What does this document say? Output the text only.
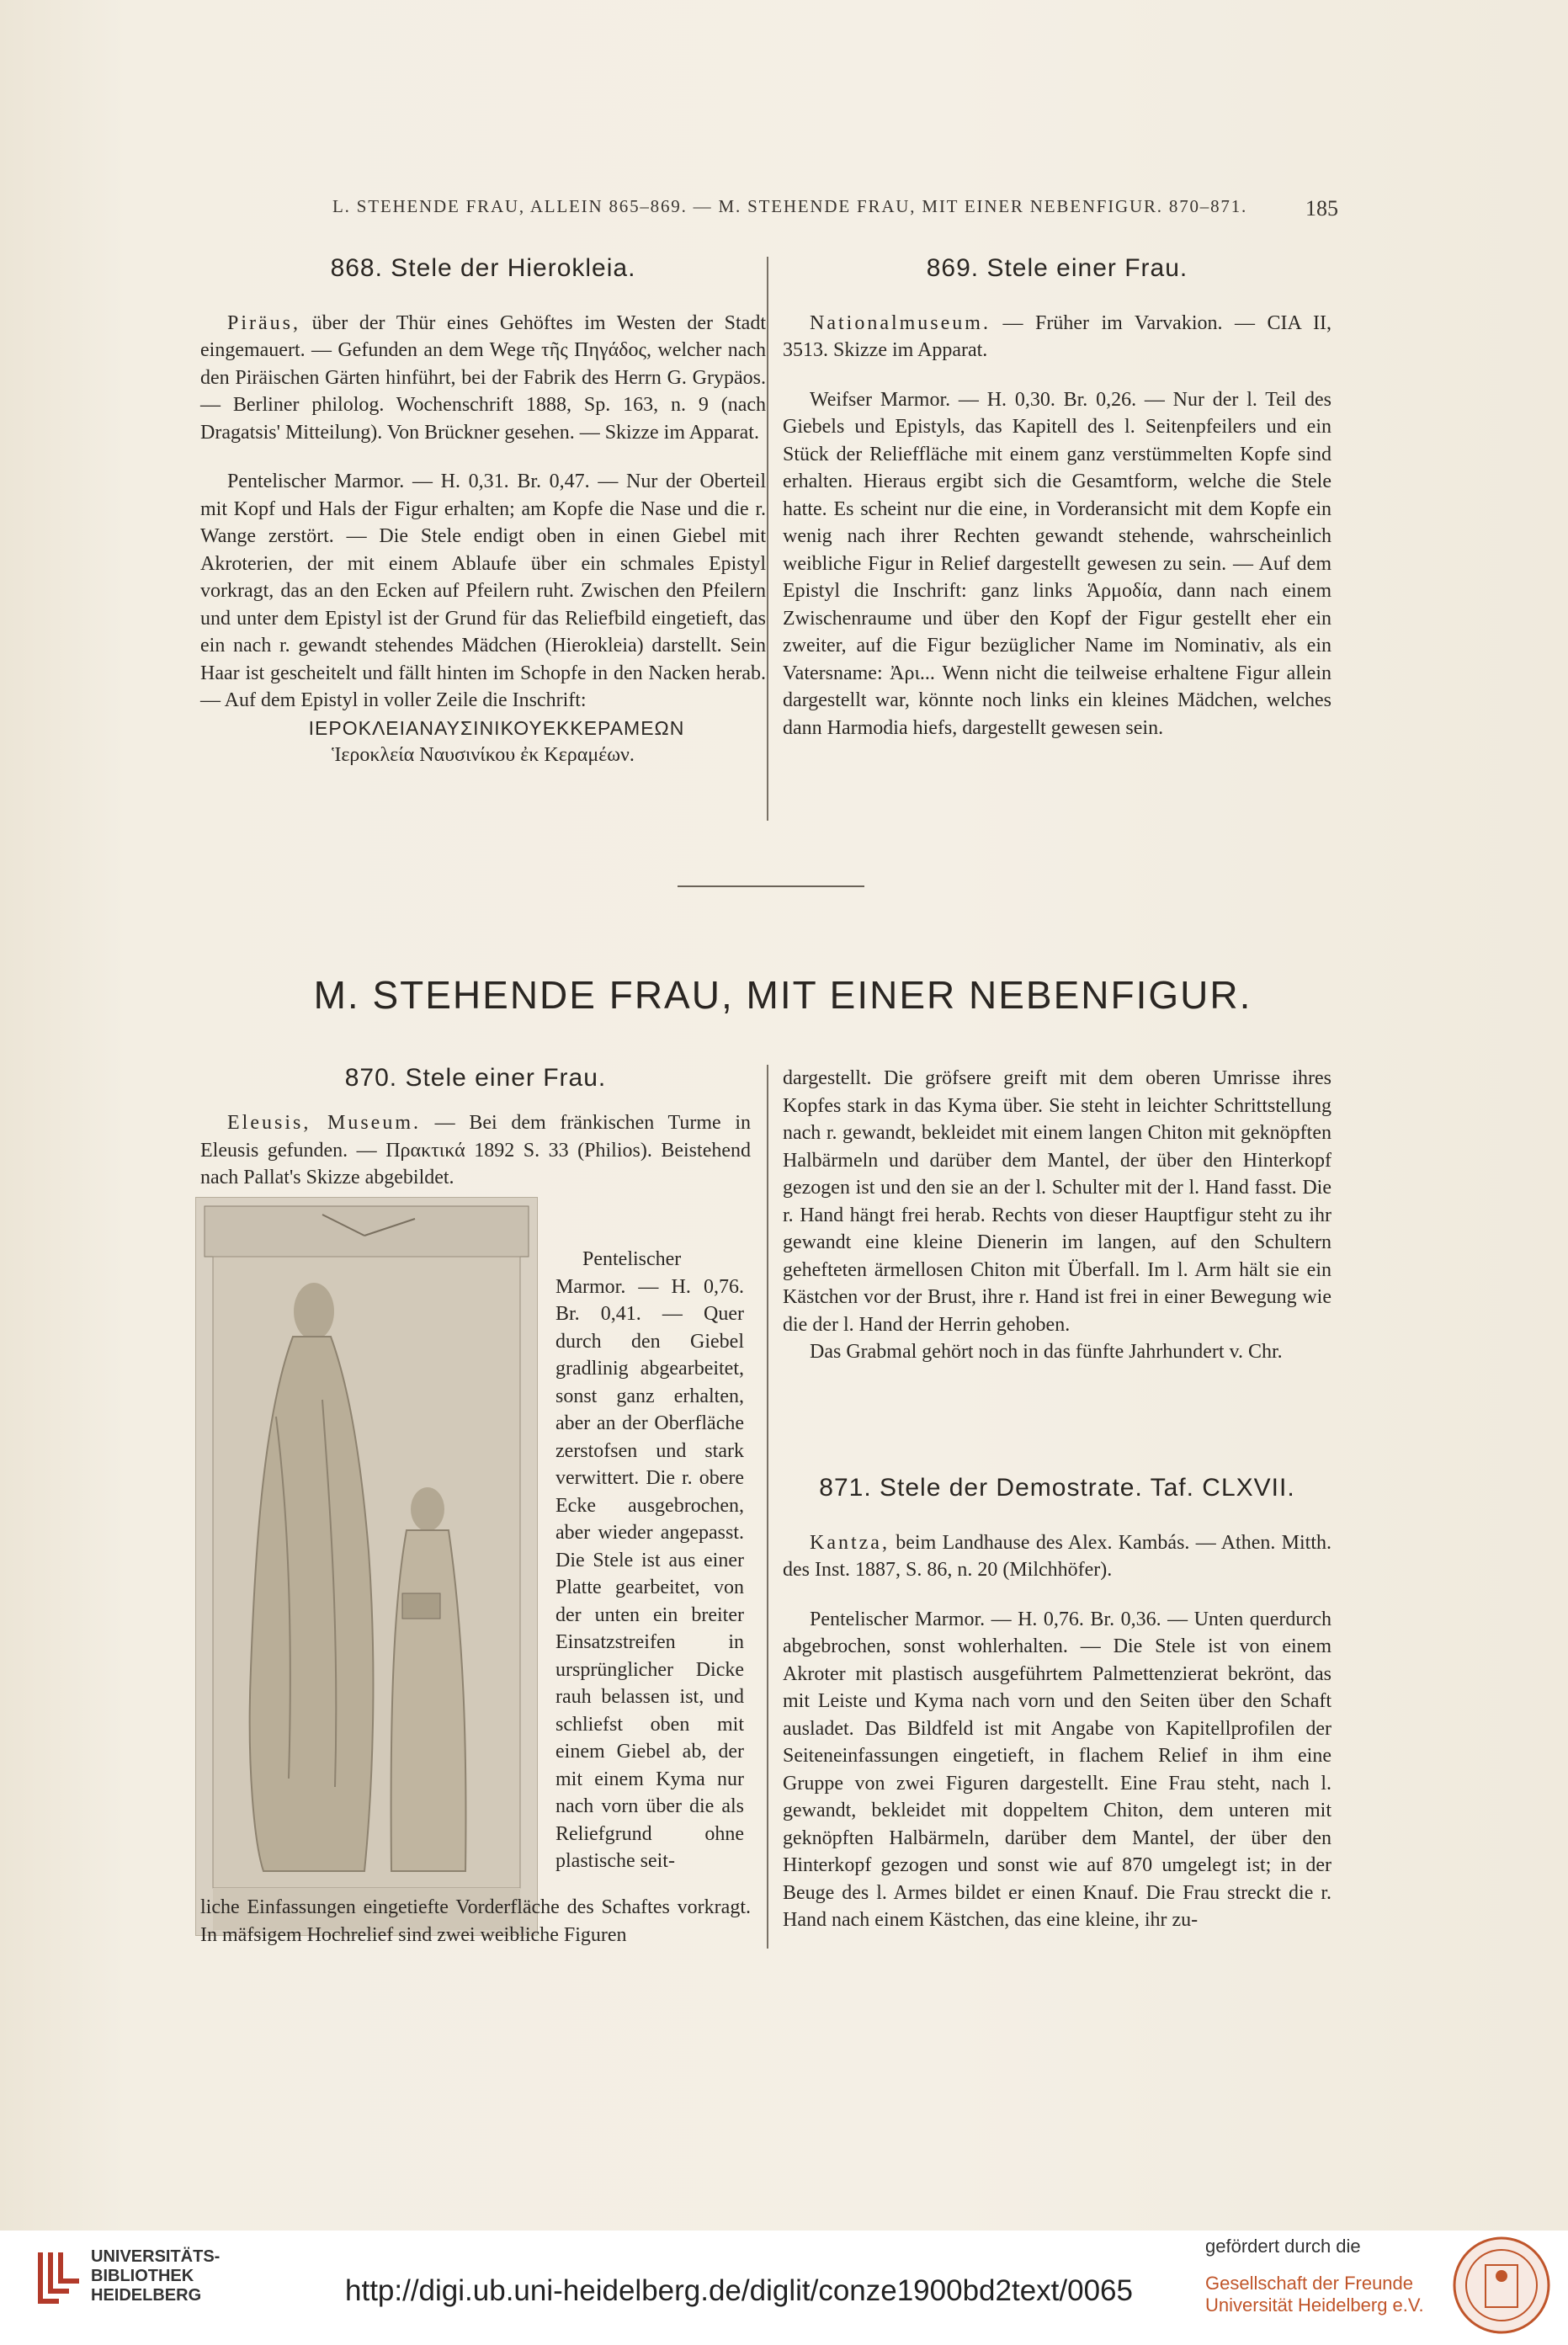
L. STEHENDE FRAU, ALLEIN 865–869. — M. STEHENDE FRAU, MIT EINER NEBENFIGUR. 870–871.	185
868. Stele der Hierokleia.

Piräus, über der Thür eines Gehöftes im Westen der Stadt eingemauert. — Gefunden an dem Wege τῆς Πηγάδος, welcher nach den Piräischen Gärten hinführt, bei der Fabrik des Herrn G. Grypäos. — Berliner philolog. Wochenschrift 1888, Sp. 163, n. 9 (nach Dragatsis' Mitteilung). Von Brückner gesehen. — Skizze im Apparat.

Pentelischer Marmor. — H. 0,31. Br. 0,47. — Nur der Oberteil mit Kopf und Hals der Figur erhalten; am Kopfe die Nase und die r. Wange zerstört. — Die Stele endigt oben in einen Giebel mit Akroterien, der mit einem Ablaufe über ein schmales Epistyl vorkragt, das an den Ecken auf Pfeilern ruht. Zwischen den Pfeilern und unter dem Epistyl ist der Grund für das Reliefbild eingetieft, das ein nach r. gewandt stehendes Mädchen (Hierokleia) darstellt. Sein Haar ist gescheitelt und fällt hinten im Schopfe in den Nacken herab. — Auf dem Epistyl in voller Zeile die Inschrift:

ΙΕΡΟΚΛΕΙΑΝΑΥΣΙΝΙΚΟΥΕΚΚΕΡΑΜΕΩΝ

Ἱεροκλεία Ναυσινίκου ἐκ Κεραμέων.

869. Stele einer Frau.

Nationalmuseum. — Früher im Varvakion. — CIA II, 3513. Skizze im Apparat.

Weifser Marmor. — H. 0,30. Br. 0,26. — Nur der l. Teil des Giebels und Epistyls, das Kapitell des l. Seitenpfeilers und ein Stück der Relieffläche mit einem ganz verstümmelten Kopfe sind erhalten. Hieraus ergibt sich die Gesamtform, welche die Stele hatte. Es scheint nur die eine, in Vorderansicht mit dem Kopfe ein wenig nach ihrer Rechten gewandt stehende, wahrscheinlich weibliche Figur in Relief dargestellt gewesen zu sein. — Auf dem Epistyl die Inschrift: ganz links Ἁρμοδία, dann nach einem Zwischenraume und über den Kopf der Figur gestellt eher ein zweiter, auf die Figur bezüglicher Name im Nominativ, als ein Vatersname: Ἀρι... Wenn nicht die teilweise erhaltene Figur allein dargestellt war, könnte noch links ein kleines Mädchen, welches dann Harmodia hiefs, dargestellt gewesen sein.

M. STEHENDE FRAU, MIT EINER NEBENFIGUR.
870. Stele einer Frau.

Eleusis, Museum. — Bei dem fränkischen Turme in Eleusis gefunden. — Πρακτικά 1892 S. 33 (Philios). Beistehend nach Pallat's Skizze abgebildet.

Pentelischer Marmor. — H. 0,76. Br. 0,41. — Quer durch den Giebel gradlinig abgearbeitet, sonst ganz erhalten, aber an der Oberfläche zerstofsen und stark verwittert. Die r. obere Ecke ausgebrochen, aber wieder angepasst. Die Stele ist aus einer Platte gearbeitet, von der unten ein breiter Einsatzstreifen in ursprünglicher Dicke rauh belassen ist, und schliefst oben mit einem Giebel ab, der mit einem Kyma nur nach vorn über die als Reliefgrund ohne plastische seit-

liche Einfassungen eingetiefte Vorderfläche des Schaftes vorkragt. In mäfsigem Hochrelief sind zwei weibliche Figuren

dargestellt. Die gröfsere greift mit dem oberen Umrisse ihres Kopfes stark in das Kyma über. Sie steht in leichter Schrittstellung nach r. gewandt, bekleidet mit einem langen Chiton mit geknöpften Halbärmeln und darüber dem Mantel, der über den Hinterkopf gezogen ist und den sie an der l. Schulter mit der l. Hand fasst. Die r. Hand hängt frei herab. Rechts von dieser Hauptfigur steht zu ihr gewandt eine kleine Dienerin im langen, auf den Schultern gehefteten ärmellosen Chiton mit Überfall. Im l. Arm hält sie ein Kästchen vor der Brust, ihre r. Hand ist frei in einer Bewegung wie die der l. Hand der Herrin gehoben.

Das Grabmal gehört noch in das fünfte Jahrhundert v. Chr.

871. Stele der Demostrate. Taf. CLXVII.

Kantza, beim Landhause des Alex. Kambás. — Athen. Mitth. des Inst. 1887, S. 86, n. 20 (Milchhöfer).

Pentelischer Marmor. — H. 0,76. Br. 0,36. — Unten querdurch abgebrochen, sonst wohlerhalten. — Die Stele ist von einem Akroter mit plastisch ausgeführtem Palmettenzierat bekrönt, das mit Leiste und Kyma nach vorn und den Seiten über den Schaft ausladet. Das Bildfeld ist mit Angabe von Kapitellprofilen der Seiteneinfassungen eingetieft, in flachem Relief in ihm eine Gruppe von zwei Figuren dargestellt. Eine Frau steht, nach l. gewandt, bekleidet mit doppeltem Chiton, dem unteren mit geknöpften Halbärmeln, darüber dem Mantel, der über den Hinterkopf gezogen und sonst wie auf 870 umgelegt ist; in der Beuge des l. Armes bildet er einen Knauf. Die Frau streckt die r. Hand nach einem Kästchen, das eine kleine, ihr zu-

UNIVERSITÄTS-
BIBLIOTHEK
HEIDELBERG	http://digi.ub.uni-heidelberg.de/diglit/conze1900bd2text/0065
gefördert durch die
Gesellschaft der Freunde
Universität Heidelberg e.V.
